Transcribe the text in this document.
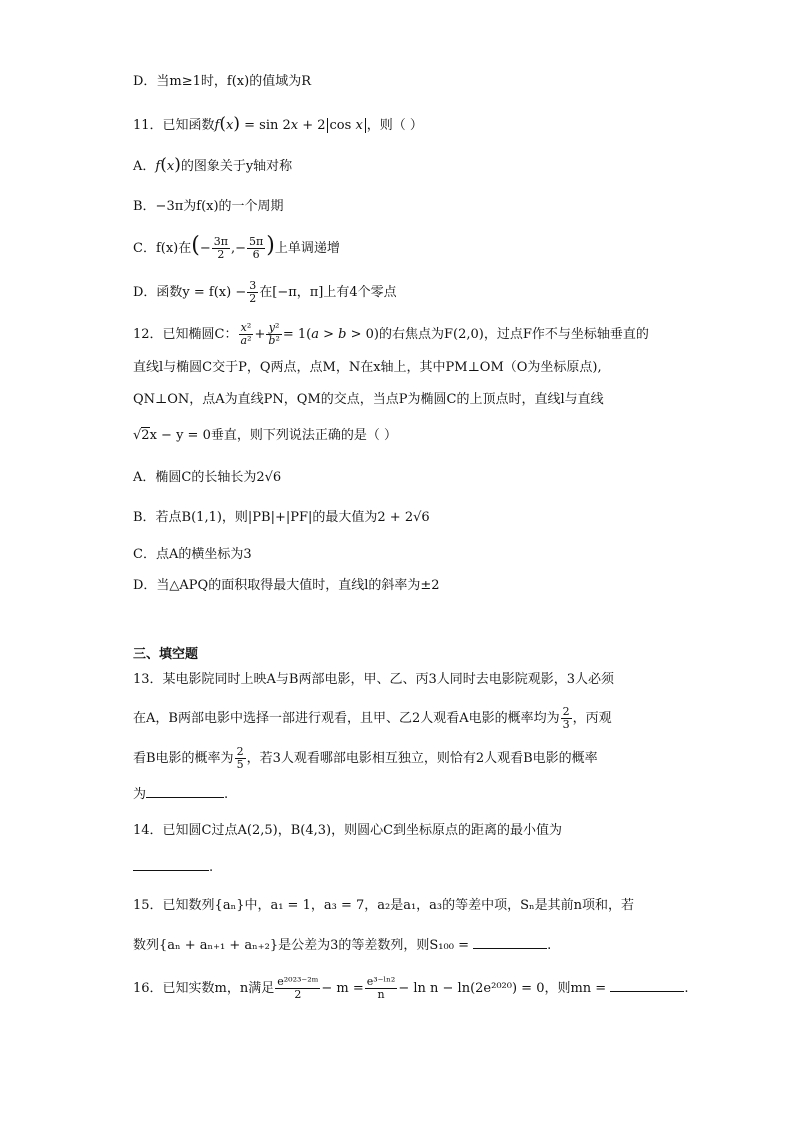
D．当m≥1时，f(x)的值域为R
11．已知函数f(x) = sin 2x + 2 cos x ，则（ ）
A．f(x)的图象关于y轴对称
B．−3π为f(x)的一个周期
C．f(x)在(− $\frac{3\pi}{2}$ ,− $\frac{5\pi}{6}$ )上单调递增
D．函数$y = f(x) - \frac{3}{2}$ 在[−π，π]上有4个零点
12．已知椭圆C： $\frac{\text{x²}}{\text{a²}} + \frac{\text{y²}}{\text{b²}} = 1(a > b > 0)$的右焦点为F(2,0)，过点F作不与坐标轴垂直的
直线l与椭圆C交于P，Q两点，点M，N在x轴上，其中PM⊥OM（O为坐标原点),
QN⊥ON，点A为直线PN，QM的交点，当点P为椭圆C的上顶点时，直线l与直线
√2x − y = 0垂直，则下列说法正确的是（ ）
A．椭圆C的长轴长为2√6
B．若点B(1,1)，则|PB|+|PF|的最大值为2 + 2√6
C．点A的横坐标为3
D．当△APQ的面积取得最大值时，直线l的斜率为±2
三、填空题
13．某电影院同时上映A与B两部电影，甲、乙、丙3人同时去电影院观影，3人必须
在A，B两部电影中选择一部进行观看，且甲、乙2人观看A电影的概率均为 $\frac{2}{3}$ ，丙观
看B电影的概率为 $\frac{2}{5}$ ，若3人观看哪部电影相互独立，则恰有2人观看B电影的概率
为	.
14．已知圆C过点A(2,5)，B(4,3)，则圆心C到坐标原点的距离的最小值为
.
15．已知数列{aₙ}中，a₁ = 1，a₃ = 7，a₂是a₁，a₃的等差中项，Sₙ是其前n项和，若
数列{aₙ + aₙ₊₁ + aₙ₊₂}是公差为3的等差数列，则S₁₀₀ =	.
16．已知实数m，n满足 $\frac{\text{e²⁰²³⁻²ᵐ}}{2} - m = \frac{\text{e³⁻ˡⁿ²}}{n} - \ln n - \ln(2e^{2020}) = 0$，则mn =	.
